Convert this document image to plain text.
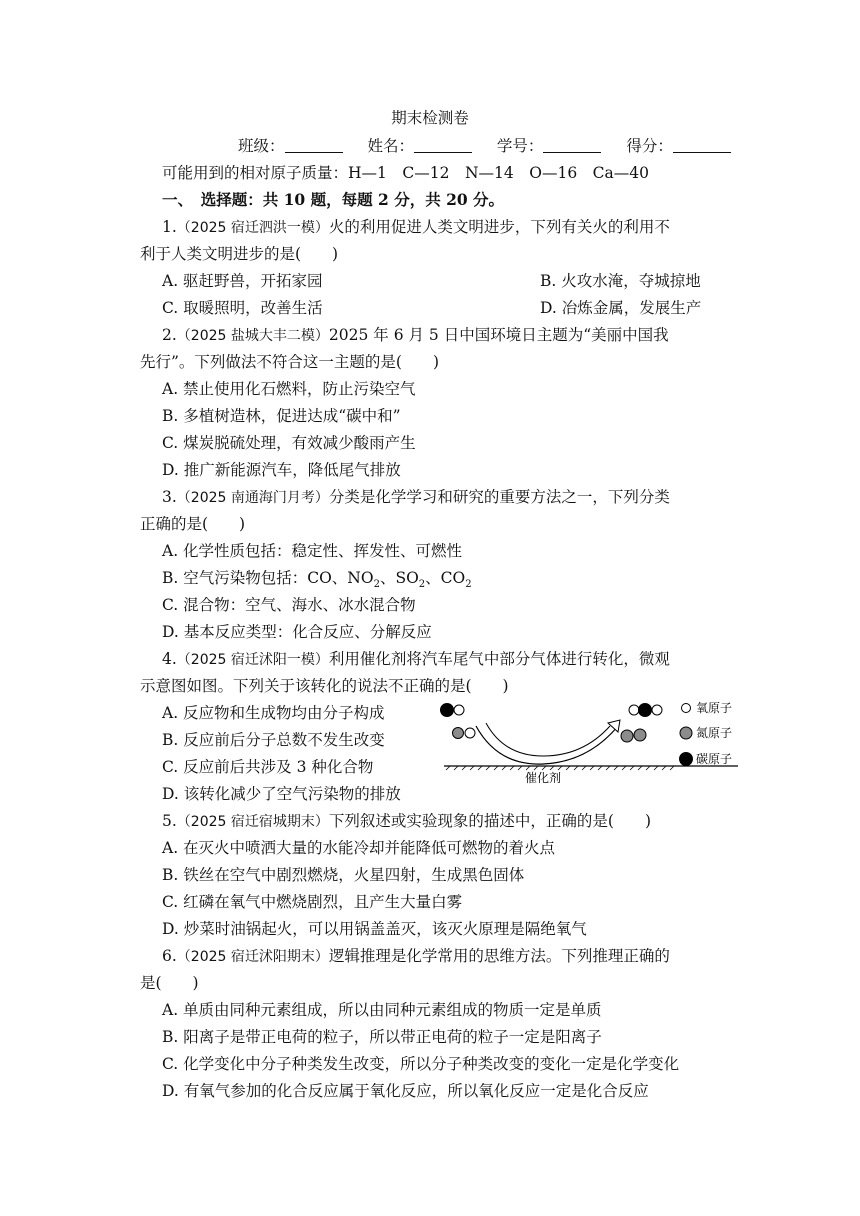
期末检测卷
班级：	姓名：	学号：	得分：
可能用到的相对原子质量：H—1　C—12　N—14　O—16　Ca—40
一、　选择题：共 10 题，每题 2 分，共 20 分。
1.（2025 宿迁泗洪一模）火的利用促进人类文明进步，下列有关火的利用不
利于人类文明进步的是(　　)
A. 驱赶野兽，开拓家园	B. 火攻水淹，夺城掠地
C. 取暖照明，改善生活	D. 冶炼金属，发展生产
2.（2025 盐城大丰二模）2025 年 6 月 5 日中国环境日主题为“美丽中国我
先行”。下列做法不符合这一主题的是(　　)
A. 禁止使用化石燃料，防止污染空气
B. 多植树造林，促进达成“碳中和”
C. 煤炭脱硫处理，有效减少酸雨产生
D. 推广新能源汽车，降低尾气排放
3.（2025 南通海门月考）分类是化学学习和研究的重要方法之一，下列分类
正确的是(　　)
A. 化学性质包括：稳定性、挥发性、可燃性
B. 空气污染物包括：CO、$NO_2$、$SO_2$、$CO_2$
C. 混合物：空气、海水、冰水混合物
D. 基本反应类型：化合反应、分解反应
4.（2025 宿迁沭阳一模）利用催化剂将汽车尾气中部分气体进行转化，微观
示意图如图。下列关于该转化的说法不正确的是(　　)
A. 反应物和生成物均由分子构成
B. 反应前后分子总数不发生改变
C. 反应前后共涉及 3 种化合物
D. 该转化减少了空气污染物的排放
催化剂
氧原子
氮原子
碳原子
5.（2025 宿迁宿城期末）下列叙述或实验现象的描述中，正确的是(　　)
A. 在灭火中喷洒大量的水能冷却并能降低可燃物的着火点
B. 铁丝在空气中剧烈燃烧，火星四射，生成黑色固体
C. 红磷在氧气中燃烧剧烈，且产生大量白雾
D. 炒菜时油锅起火，可以用锅盖盖灭，该灭火原理是隔绝氧气
6.（2025 宿迁沭阳期末）逻辑推理是化学常用的思维方法。下列推理正确的
是(　　)
A. 单质由同种元素组成，所以由同种元素组成的物质一定是单质
B. 阳离子是带正电荷的粒子，所以带正电荷的粒子一定是阳离子
C. 化学变化中分子种类发生改变，所以分子种类改变的变化一定是化学变化
D. 有氧气参加的化合反应属于氧化反应，所以氧化反应一定是化合反应
